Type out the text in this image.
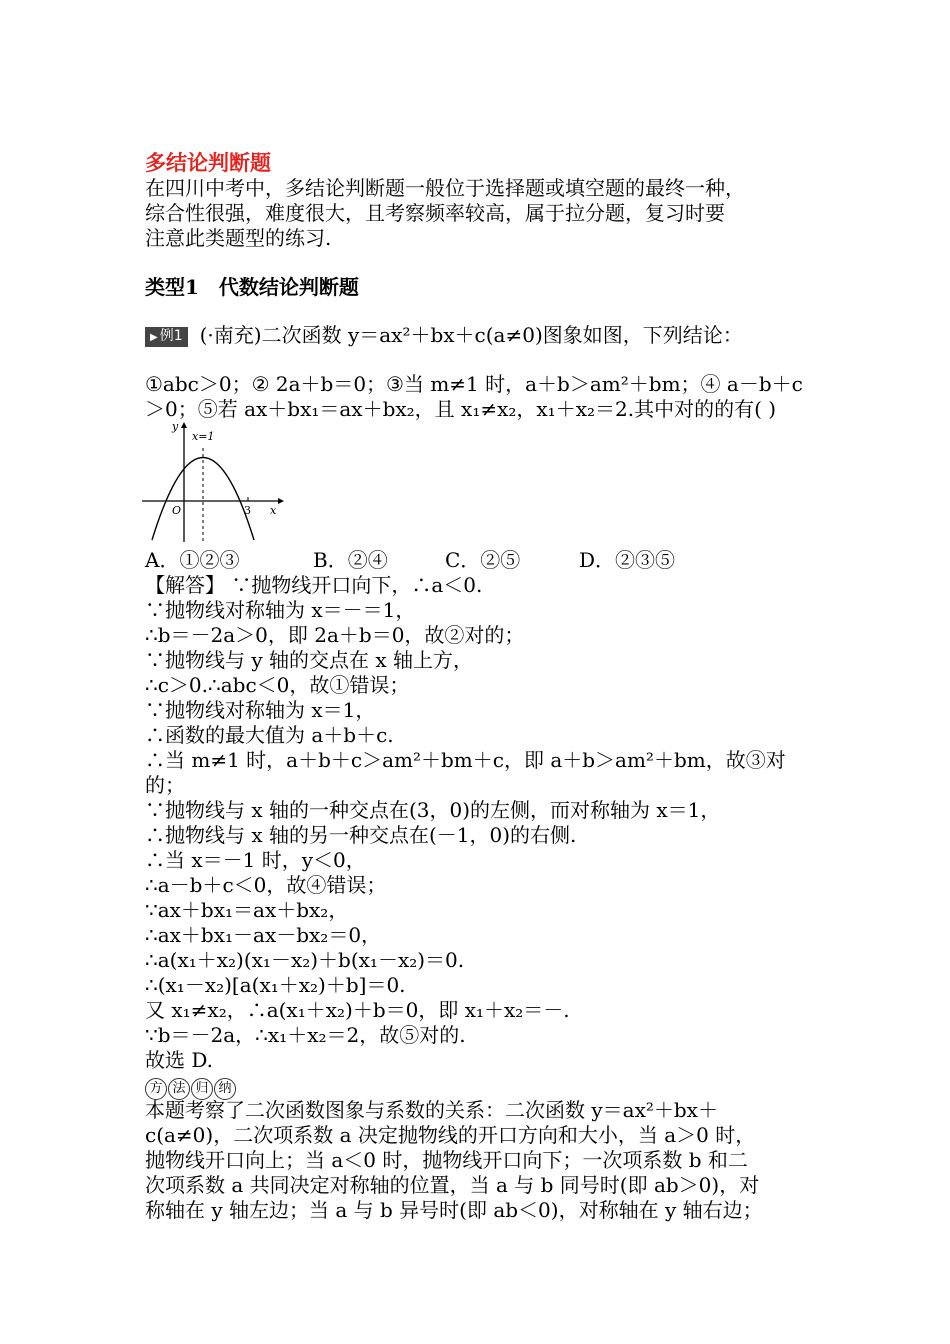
多结论判断题
在四川中考中，多结论判断题一般位于选择题或填空题的最终一种，
综合性很强，难度很大，且考察频率较高，属于拉分题，复习时要
注意此类题型的练习.
类型1　代数结论判断题
▶ 例1 (·南充)二次函数 y＝ax²＋bx＋c(a≠0)图象如图，下列结论：
①abc＞0；② 2a＋b＝0；③当 m≠1 时，a＋b＞am²＋bm；④ a－b＋c
＞0；⑤若 ax＋bx₁＝ax＋bx₂，且 x₁≠x₂，x₁＋x₂＝2.其中对的的有( )
x=1
y
x
O	3
A．①②③	B．②④	C．②⑤	D．②③⑤
【解答】 ∵抛物线开口向下，∴a＜0.
∵抛物线对称轴为 x＝－＝1，
∴b＝－2a＞0，即 2a＋b＝0，故②对的；
∵抛物线与 y 轴的交点在 x 轴上方，
∴c＞0.∴abc＜0，故①错误；
∵抛物线对称轴为 x＝1，
∴函数的最大值为 a＋b＋c.
∴当 m≠1 时，a＋b＋c＞am²＋bm＋c，即 a＋b＞am²＋bm，故③对
的；
∵抛物线与 x 轴的一种交点在(3，0)的左侧，而对称轴为 x＝1，
∴抛物线与 x 轴的另一种交点在(－1，0)的右侧.
∴当 x＝－1 时，y＜0，
∴a－b＋c＜0，故④错误；
∵ax＋bx₁＝ax＋bx₂，
∴ax＋bx₁－ax－bx₂＝0，
∴a(x₁＋x₂)(x₁－x₂)＋b(x₁－x₂)＝0.
∴(x₁－x₂)[a(x₁＋x₂)＋b]＝0.
又 x₁≠x₂，∴a(x₁＋x₂)＋b＝0，即 x₁＋x₂＝－.
∵b＝－2a，∴x₁＋x₂＝2，故⑤对的.
故选 D.
方 法 归 纳
本题考察了二次函数图象与系数的关系：二次函数 y＝ax²＋bx＋
c(a≠0)，二次项系数 a 决定抛物线的开口方向和大小，当 a＞0 时，
抛物线开口向上；当 a＜0 时，抛物线开口向下；一次项系数 b 和二
次项系数 a 共同决定对称轴的位置，当 a 与 b 同号时(即 ab＞0)，对
称轴在 y 轴左边；当 a 与 b 异号时(即 ab＜0)，对称轴在 y 轴右边；
